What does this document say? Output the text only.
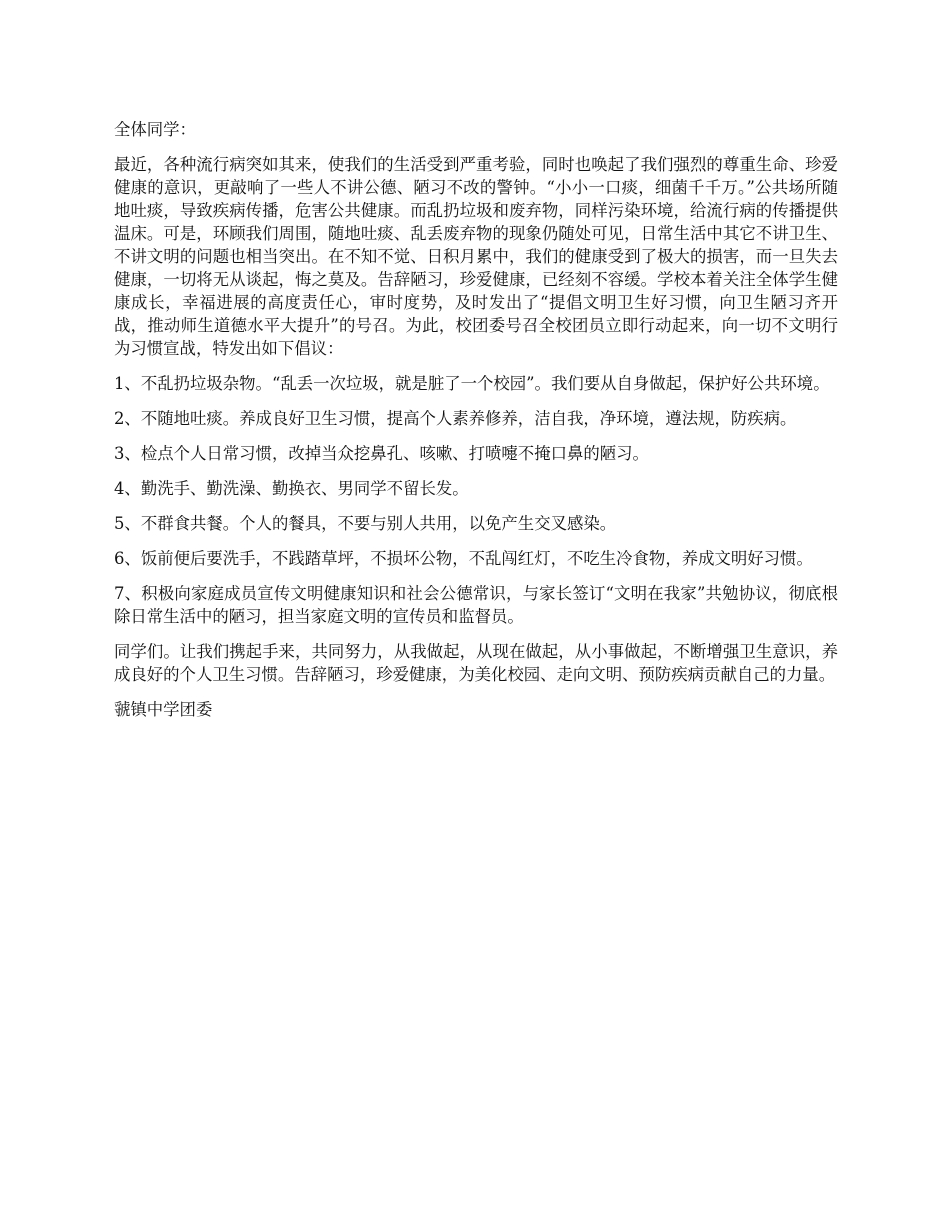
全体同学：

最近，各种流行病突如其来，使我们的生活受到严重考验，同时也唤起了我们强烈的尊重生命、珍爱健康的意识，更敲响了一些人不讲公德、陋习不改的警钟。“小小一口痰，细菌千千万。”公共场所随地吐痰，导致疾病传播，危害公共健康。而乱扔垃圾和废弃物，同样污染环境，给流行病的传播提供温床。可是，环顾我们周围，随地吐痰、乱丢废弃物的现象仍随处可见，日常生活中其它不讲卫生、不讲文明的问题也相当突出。在不知不觉、日积月累中，我们的健康受到了极大的损害，而一旦失去健康，一切将无从谈起，悔之莫及。告辞陋习，珍爱健康，已经刻不容缓。学校本着关注全体学生健康成长，幸福进展的高度责任心，审时度势，及时发出了“提倡文明卫生好习惯，向卫生陋习齐开战，推动师生道德水平大提升”的号召。为此，校团委号召全校团员立即行动起来，向一切不文明行为习惯宣战，特发出如下倡议：

1、不乱扔垃圾杂物。“乱丢一次垃圾，就是脏了一个校园”。我们要从自身做起，保护好公共环境。

2、不随地吐痰。养成良好卫生习惯，提高个人素养修养，洁自我，净环境，遵法规，防疾病。

3、检点个人日常习惯，改掉当众挖鼻孔、咳嗽、打喷嚏不掩口鼻的陋习。

4、勤洗手、勤洗澡、勤换衣、男同学不留长发。

5、不群食共餐。个人的餐具，不要与别人共用，以免产生交叉感染。

6、饭前便后要洗手，不践踏草坪，不损坏公物，不乱闯红灯，不吃生冷食物，养成文明好习惯。

7、积极向家庭成员宣传文明健康知识和社会公德常识，与家长签订“文明在我家”共勉协议，彻底根除日常生活中的陋习，担当家庭文明的宣传员和监督员。

同学们。让我们携起手来，共同努力，从我做起，从现在做起，从小事做起，不断增强卫生意识，养成良好的个人卫生习惯。告辞陋习，珍爱健康，为美化校园、走向文明、预防疾病贡献自己的力量。

虢镇中学团委
